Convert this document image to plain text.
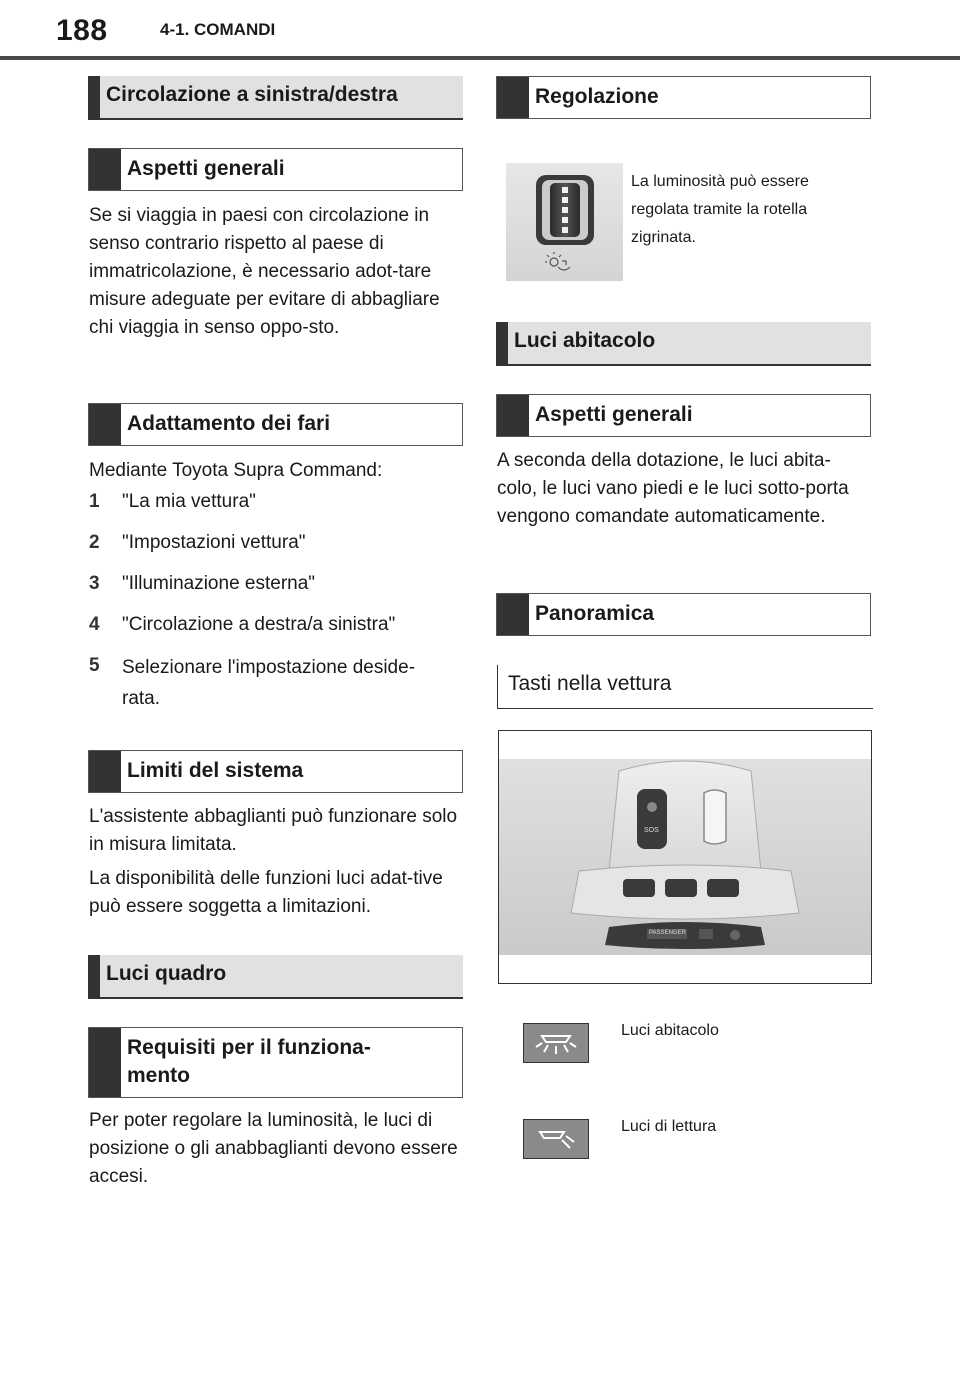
188	4-1. COMANDI
Circolazione a sinistra/destra
Aspetti generali
Se si viaggia in paesi con circolazione in senso contrario rispetto al paese di immatricolazione, è necessario adot-tare misure adeguate per evitare di abbagliare chi viaggia in senso oppo-sto.
Adattamento dei fari
Mediante Toyota Supra Command:
1 "La mia vettura"
2 "Impostazioni vettura"
3 "Illuminazione esterna"
4 "Circolazione a destra/a sinistra"
5 Selezionare l'impostazione deside-rata.
Limiti del sistema
L'assistente abbaglianti può funzionare solo in misura limitata.
La disponibilità delle funzioni luci adat-tive può essere soggetta a limitazioni.
Luci quadro
Requisiti per il funziona-mento
Per poter regolare la luminosità, le luci di posizione o gli anabbaglianti devono essere accesi.
Regolazione
La luminosità può essere regolata tramite la rotella zigrinata.
Luci abitacolo
Aspetti generali
A seconda della dotazione, le luci abita-colo, le luci vano piedi e le luci sotto-porta vengono comandate automaticamente.
Panoramica
Tasti nella vettura
SOS
PASSENGER
Luci abitacolo
Luci di lettura
